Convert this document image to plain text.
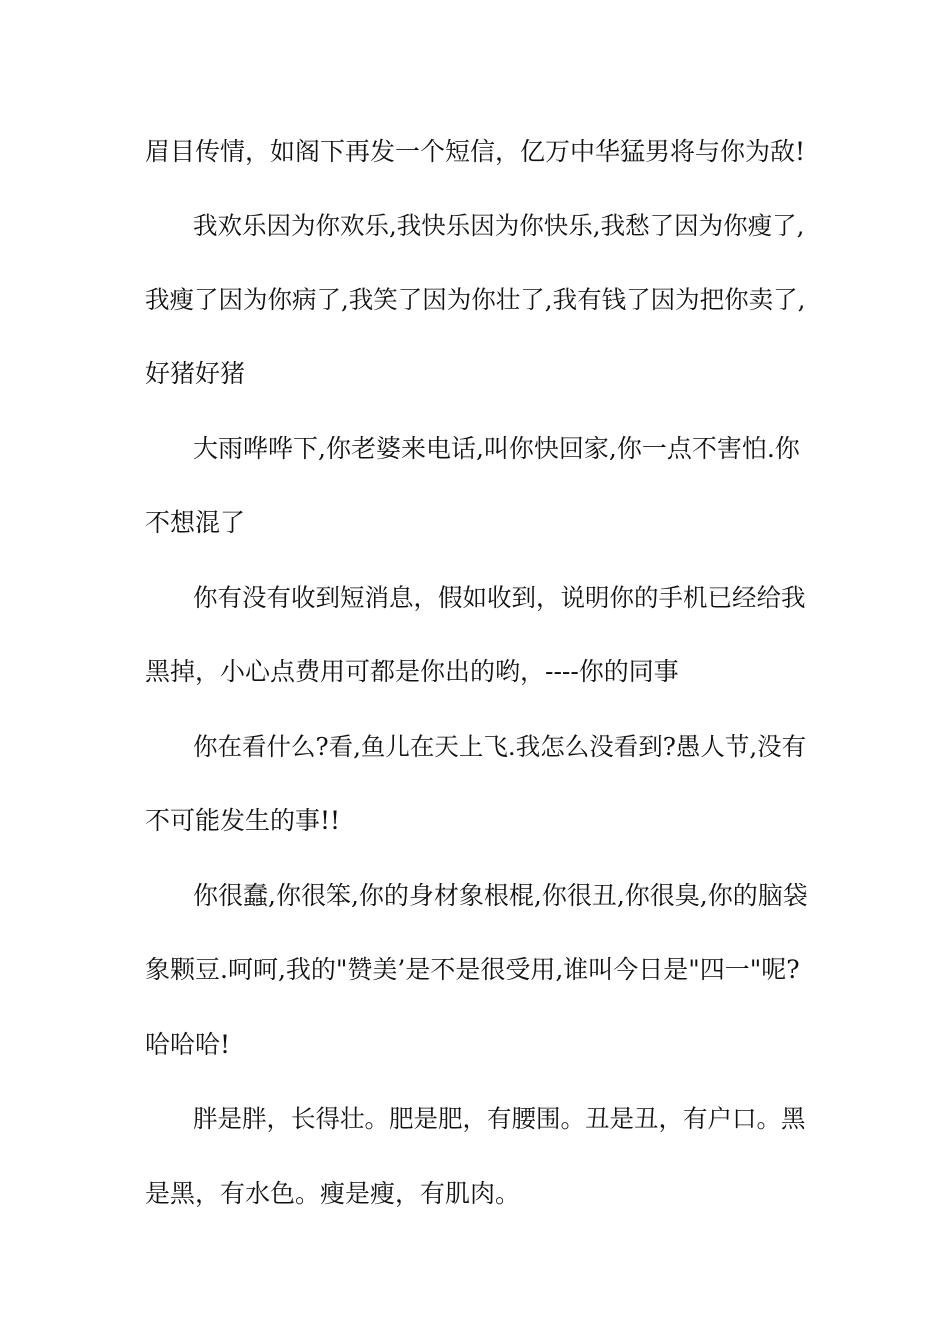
眉目传情，如阁下再发一个短信，亿万中华猛男将与你为敌!
我欢乐因为你欢乐,我快乐因为你快乐,我愁了因为你瘦了,
我瘦了因为你病了,我笑了因为你壮了,我有钱了因为把你卖了,
好猪好猪
大雨哗哗下,你老婆来电话,叫你快回家,你一点不害怕.你
不想混了
你有没有收到短消息，假如收到，说明你的手机已经给我
黑掉，小心点费用可都是你出的哟，----你的同事
你在看什么?看,鱼儿在天上飞.我怎么没看到?愚人节,没有
不可能发生的事!!
你很蠢,你很笨,你的身材象根棍,你很丑,你很臭,你的脑袋
象颗豆.呵呵,我的"赞美’是不是很受用,谁叫今日是"四一"呢?
哈哈哈!
胖是胖，长得壮。肥是肥，有腰围。丑是丑，有户口。黑
是黑，有水色。瘦是瘦，有肌肉。
